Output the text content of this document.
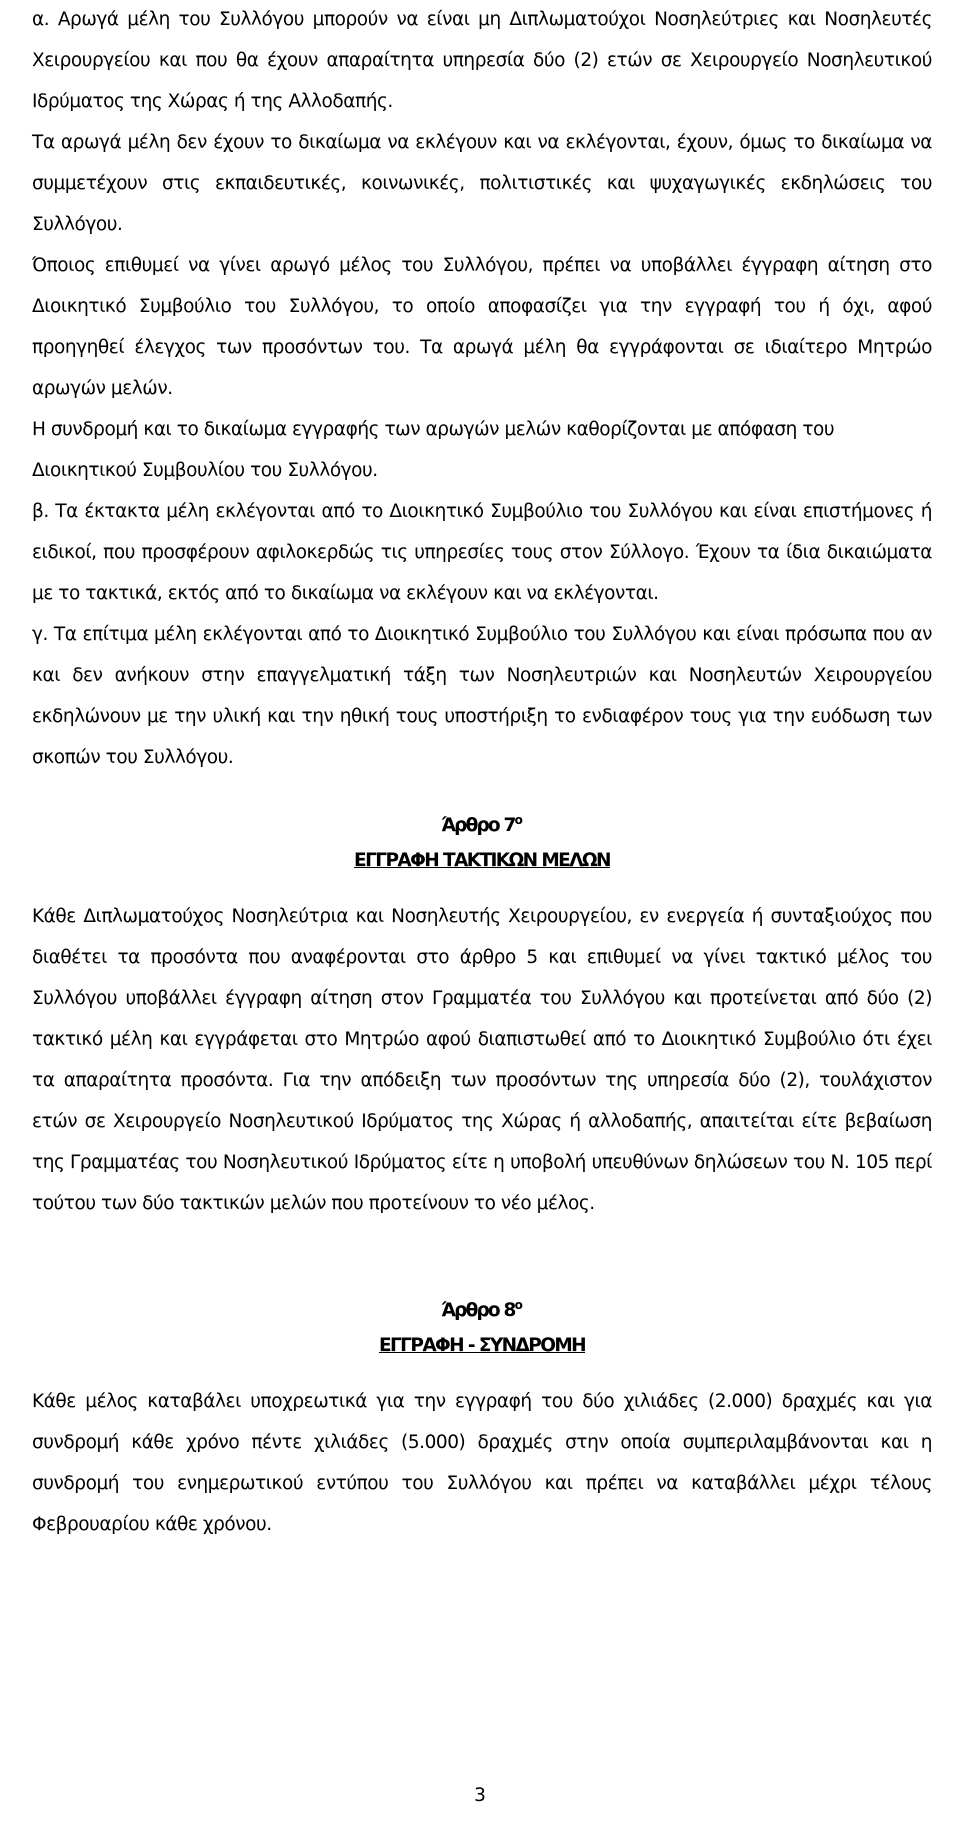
α. Αρωγά μέλη του Συλλόγου μπορούν να είναι μη Διπλωματούχοι Νοσηλεύτριες και Νοσηλευτές Χειρουργείου και που θα έχουν απαραίτητα υπηρεσία δύο (2) ετών σε Χειρουργείο Νοσηλευτικού Ιδρύματος της Χώρας ή της Αλλοδαπής.

Τα αρωγά μέλη δεν έχουν το δικαίωμα να εκλέγουν και να εκλέγονται, έχουν, όμως το δικαίωμα να συμμετέχουν στις εκπαιδευτικές, κοινωνικές, πολιτιστικές και ψυχαγωγικές εκδηλώσεις του Συλλόγου.

Όποιος επιθυμεί να γίνει αρωγό μέλος του Συλλόγου, πρέπει να υποβάλλει έγγραφη αίτηση στο Διοικητικό Συμβούλιο του Συλλόγου, το οποίο αποφασίζει για την εγγραφή του ή όχι, αφού προηγηθεί έλεγχος των προσόντων του. Τα αρωγά μέλη θα εγγράφονται σε ιδιαίτερο Μητρώο αρωγών μελών.

Η συνδρομή και το δικαίωμα εγγραφής των αρωγών μελών καθορίζονται με απόφαση του Διοικητικού Συμβουλίου του Συλλόγου.

β. Τα έκτακτα μέλη εκλέγονται από το Διοικητικό Συμβούλιο του Συλλόγου και είναι επιστήμονες ή ειδικοί, που προσφέρουν αφιλοκερδώς τις υπηρεσίες τους στον Σύλλογο. Έχουν τα ίδια δικαιώματα με το τακτικά, εκτός από το δικαίωμα να εκλέγουν και να εκλέγονται.

γ. Τα επίτιμα μέλη εκλέγονται από το Διοικητικό Συμβούλιο του Συλλόγου και είναι πρόσωπα που αν και δεν ανήκουν στην επαγγελματική τάξη των Νοσηλευτριών και Νοσηλευτών Χειρουργείου εκδηλώνουν με την υλική και την ηθική τους υποστήριξη το ενδιαφέρον τους για την ευόδωση των σκοπών του Συλλόγου.

Άρθρο $7^o$

ΕΓΓΡΑΦΗ ΤΑΚΤΙΚΩΝ ΜΕΛΩΝ

Κάθε Διπλωματούχος Νοσηλεύτρια και Νοσηλευτής Χειρουργείου, εν ενεργεία ή συνταξιούχος που διαθέτει τα προσόντα που αναφέρονται στο άρθρο 5 και επιθυμεί να γίνει τακτικό μέλος του Συλλόγου υποβάλλει έγγραφη αίτηση στον Γραμματέα του Συλλόγου και προτείνεται από δύο (2) τακτικό μέλη και εγγράφεται στο Μητρώο αφού διαπιστωθεί από το Διοικητικό Συμβούλιο ότι έχει τα απαραίτητα προσόντα. Για την απόδειξη των προσόντων της υπηρεσία δύο (2), τουλάχιστον ετών σε Χειρουργείο Νοσηλευτικού Ιδρύματος της Χώρας ή αλλοδαπής, απαιτείται είτε βεβαίωση της Γραμματέας του Νοσηλευτικού Ιδρύματος είτε η υποβολή υπευθύνων δηλώσεων του Ν. 105 περί τούτου των δύο τακτικών μελών που προτείνουν το νέο μέλος.

Άρθρο $8^o$

ΕΓΓΡΑΦΗ - ΣΥΝΔΡΟΜΗ

Κάθε μέλος καταβάλει υποχρεωτικά για την εγγραφή του δύο χιλιάδες (2.000) δραχμές και για συνδρομή κάθε χρόνο πέντε χιλιάδες (5.000) δραχμές στην οποία συμπεριλαμβάνονται και η συνδρομή του ενημερωτικού εντύπου του Συλλόγου και πρέπει να καταβάλλει μέχρι τέλους Φεβρουαρίου κάθε χρόνου.

3
